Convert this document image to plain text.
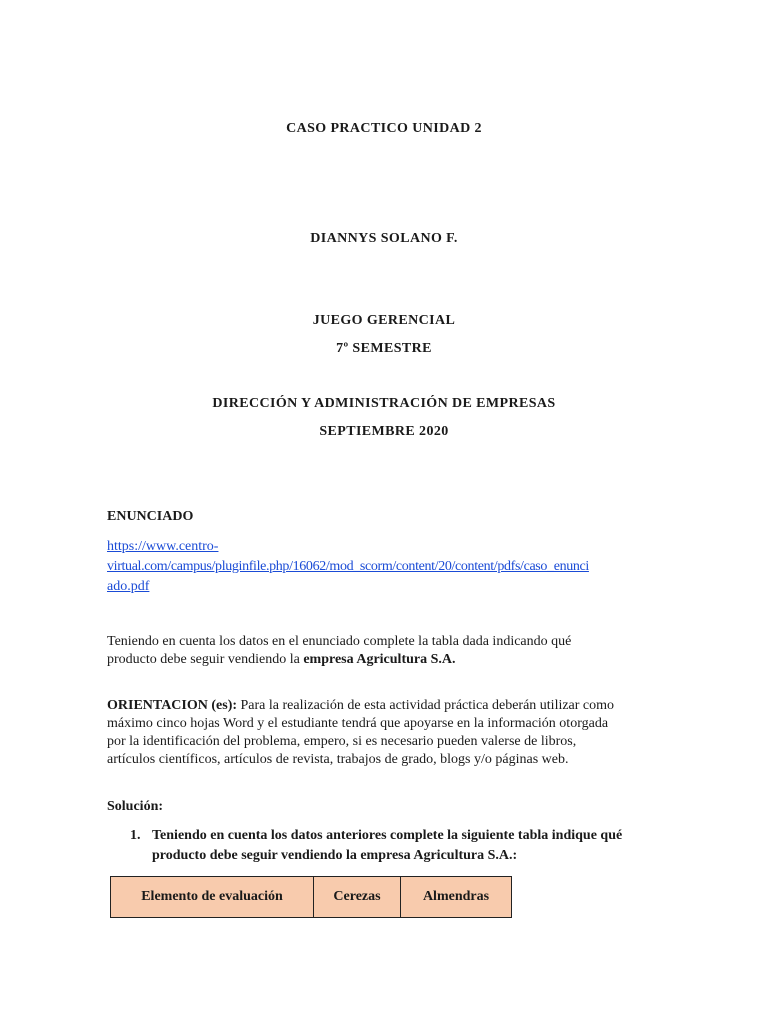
CASO PRACTICO UNIDAD 2
DIANNYS SOLANO F.
JUEGO GERENCIAL
7º SEMESTRE
DIRECCIÓN Y ADMINISTRACIÓN DE EMPRESAS
SEPTIEMBRE 2020
ENUNCIADO
https://www.centro-
virtual.com/campus/pluginfile.php/16062/mod_scorm/content/20/content/pdfs/caso_enunci
ado.pdf
Teniendo en cuenta los datos en el enunciado complete la tabla dada indicando qué
producto debe seguir vendiendo la empresa Agricultura S.A.
ORIENTACION (es): Para la realización de esta actividad práctica deberán utilizar como
máximo cinco hojas Word y el estudiante tendrá que apoyarse en la información otorgada
por la identificación del problema, empero, si es necesario pueden valerse de libros,
artículos científicos, artículos de revista, trabajos de grado, blogs y/o páginas web.
Solución:
1. Teniendo en cuenta los datos anteriores complete la siguiente tabla indique qué
producto debe seguir vendiendo la empresa Agricultura S.A.:
Elemento de evaluación	Cerezas	Almendras
